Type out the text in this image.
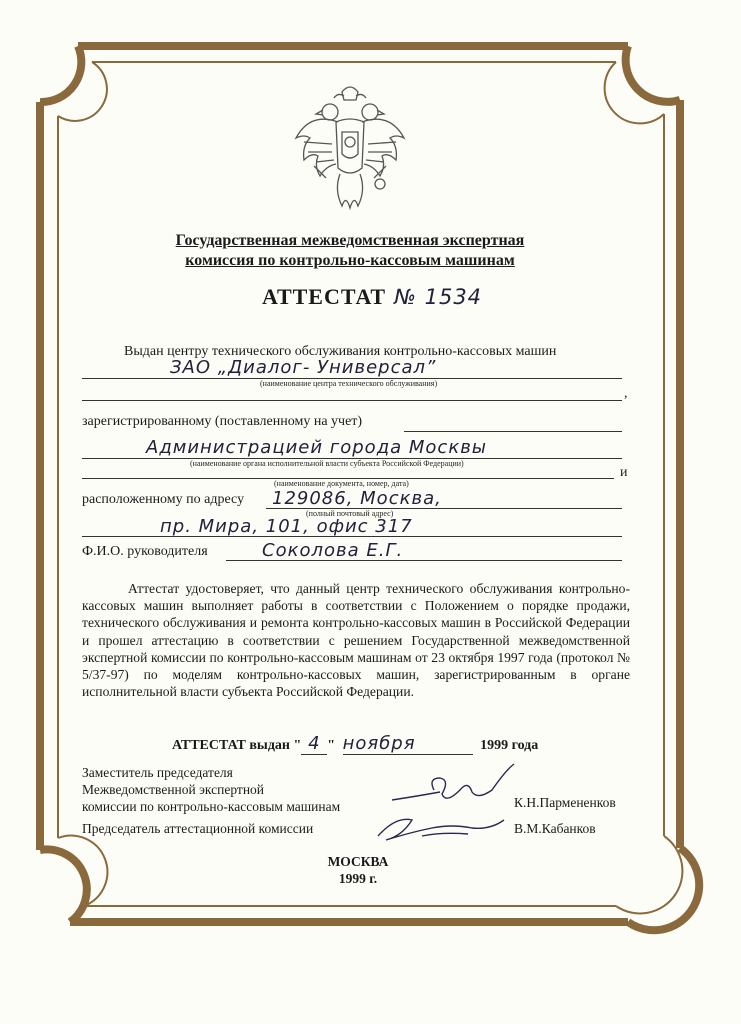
Государственная межведомственная экспертная
комиссия по контрольно-кассовым машинам
АТТЕСТАТ № 1534
Выдан центру технического обслуживания контрольно-кассовых машин
ЗАО „Диалог- Универсал”
(наименование центра технического обслуживания)
,
зарегистрированному (поставленному на учет)
Администрацией города Москвы
(наименование органа исполнительной власти субъекта Российской Федерации)
и
(наименование документа, номер, дата)
расположенному по адресу 129086, Москва,
(полный почтовый адрес)
пр. Мира, 101, офис 317
Ф.И.О. руководителя	Соколова Е.Г.
Аттестат удостоверяет, что данный центр технического обслуживания контрольно-кассовых машин выполняет работы в соответствии с Положением о порядке продажи, технического обслуживания и ремонта контрольно-кассовых машин в Российской Федерации и прошел аттестацию в соответствии с решением Государственной межведомственной экспертной комиссии по контрольно-кассовым машинам от 23 октября 1997 года (протокол № 5/37-97) по моделям контрольно-кассовых машин, зарегистрированным в органе исполнительной власти субъекта Российской Федерации.
АТТЕСТАТ выдан " 4 " ноября	1999 года
Заместитель председателя
Межведомственной экспертной
комиссии по контрольно-кассовым машинам	К.Н.Пармененков
Председатель аттестационной комиссии	В.М.Кабанков
МОСКВА
1999 г.
